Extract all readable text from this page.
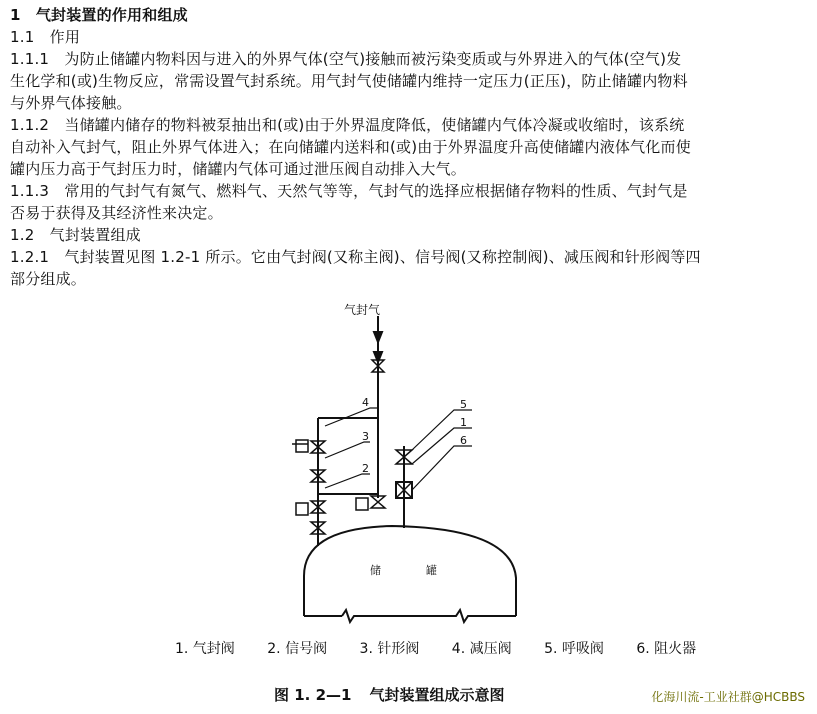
1　气封装置的作用和组成
1.1　作用
1.1.1　为防止储罐内物料因与进入的外界气体(空气)接触而被污染变质或与外界进入的气体(空气)发
生化学和(或)生物反应，常需设置气封系统。用气封气使储罐内维持一定压力(正压)，防止储罐内物料
与外界气体接触。
1.1.2　当储罐内储存的物料被泵抽出和(或)由于外界温度降低，使储罐内气体冷凝或收缩时，该系统
自动补入气封气，阻止外界气体进入；在向储罐内送料和(或)由于外界温度升高使储罐内液体气化而使
罐内压力高于气封压力时，储罐内气体可通过泄压阀自动排入大气。
1.1.3　常用的气封气有氮气、燃料气、天然气等等，气封气的选择应根据储存物料的性质、气封气是
否易于获得及其经济性来决定。
1.2　气封装置组成
1.2.1　气封装置见图 1.2-1 所示。它由气封阀(又称主阀)、信号阀(又称控制阀)、减压阀和针形阀等四
部分组成。
气封气
4
3
2
5
1
6
储	罐
1. 气封阀 2. 信号阀 3. 针形阀 4. 减压阀 5. 呼吸阀 6. 阻火器
图 1. 2—1 气封装置组成示意图	化海川流-工业社群@HCBBS
